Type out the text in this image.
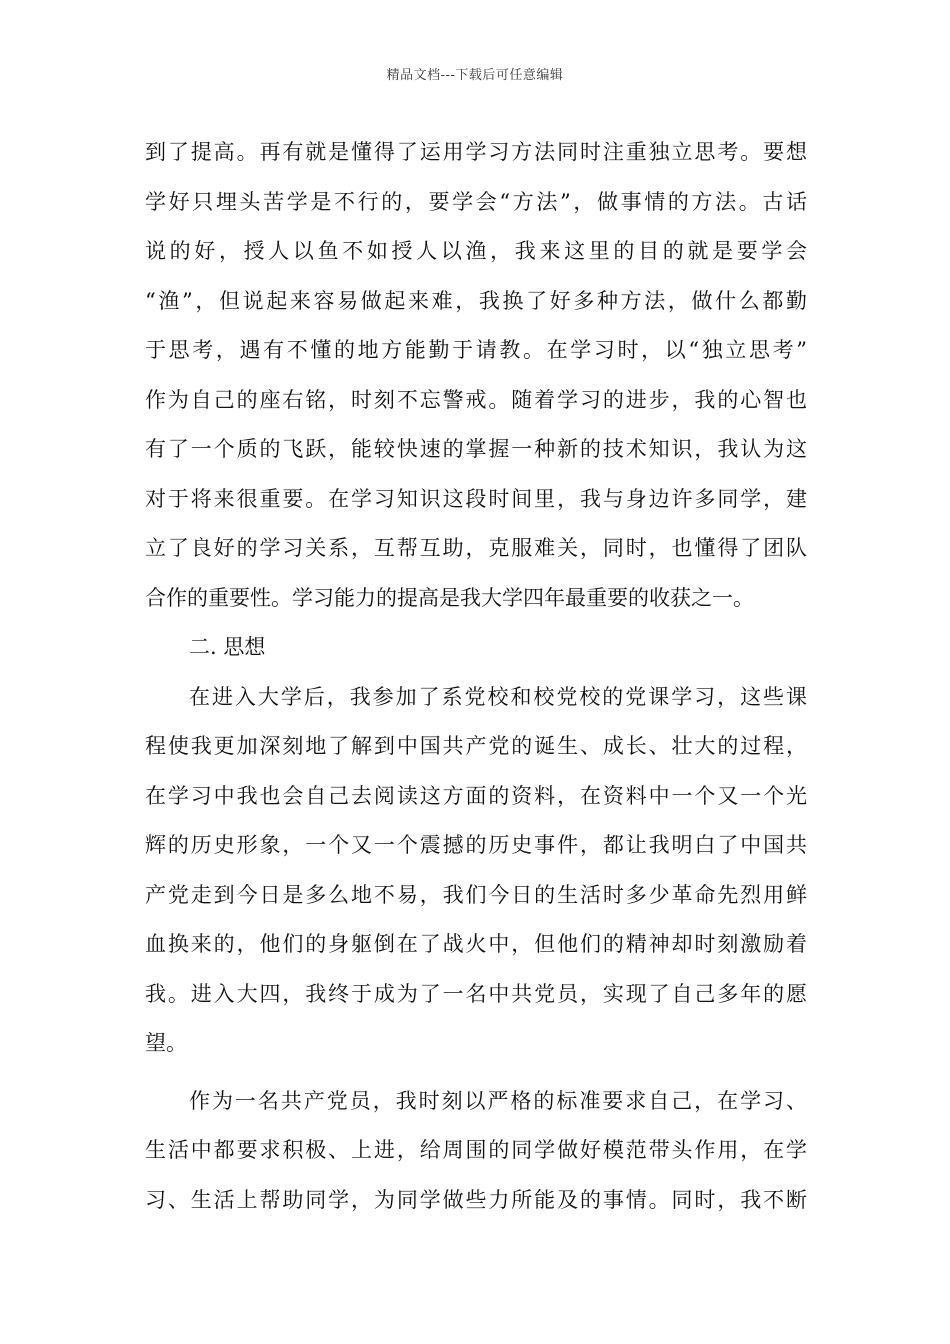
精品文档---下载后可任意编辑
到了提高。再有就是懂得了运用学习方法同时注重独立思考。要想
学好只埋头苦学是不行的，要学会“方法”，做事情的方法。古话
说的好，授人以鱼不如授人以渔，我来这里的目的就是要学会
“渔”，但说起来容易做起来难，我换了好多种方法，做什么都勤
于思考，遇有不懂的地方能勤于请教。在学习时，以“独立思考”
作为自己的座右铭，时刻不忘警戒。随着学习的进步，我的心智也
有了一个质的飞跃，能较快速的掌握一种新的技术知识，我认为这
对于将来很重要。在学习知识这段时间里，我与身边许多同学，建
立了良好的学习关系，互帮互助，克服难关，同时，也懂得了团队
合作的重要性。学习能力的提高是我大学四年最重要的收获之一。
二. 思想
在进入大学后，我参加了系党校和校党校的党课学习，这些课
程使我更加深刻地了解到中国共产党的诞生、成长、壮大的过程，
在学习中我也会自己去阅读这方面的资料，在资料中一个又一个光
辉的历史形象，一个又一个震撼的历史事件，都让我明白了中国共
产党走到今日是多么地不易，我们今日的生活时多少革命先烈用鲜
血换来的，他们的身躯倒在了战火中，但他们的精神却时刻激励着
我。进入大四，我终于成为了一名中共党员，实现了自己多年的愿
望。
作为一名共产党员，我时刻以严格的标准要求自己，在学习、
生活中都要求积极、上进，给周围的同学做好模范带头作用，在学
习、生活上帮助同学，为同学做些力所能及的事情。同时，我不断
